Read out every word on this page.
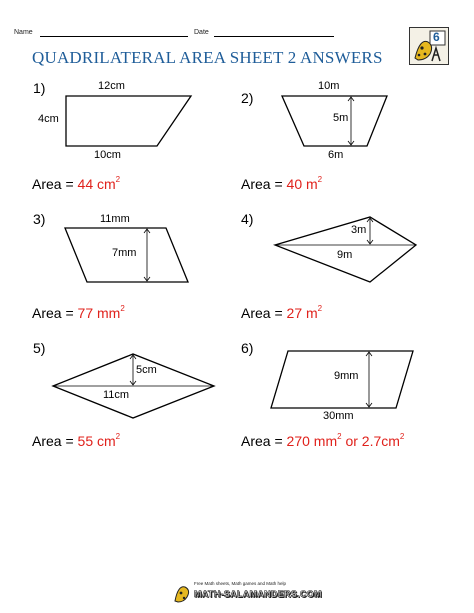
Name	Date	6
QUADRILATERAL AREA SHEET 2 ANSWERS
1)	12cm
4cm
10cm
Area = 44 $cm^2$
2)
10m
5m
6m
Area = 40 $m^2$
3)	11mm
7mm
Area = 77 $mm^2$
4)
3m
9m
Area = 27 $m^2$
5)
5cm
11cm
Area = 55 $cm^2$
6)
9mm
30mm
Area = 270 $mm^2$ or $2.7cm^2$
Free Math sheets, Math games and Math help
MATH-SALAMANDERS.COM
